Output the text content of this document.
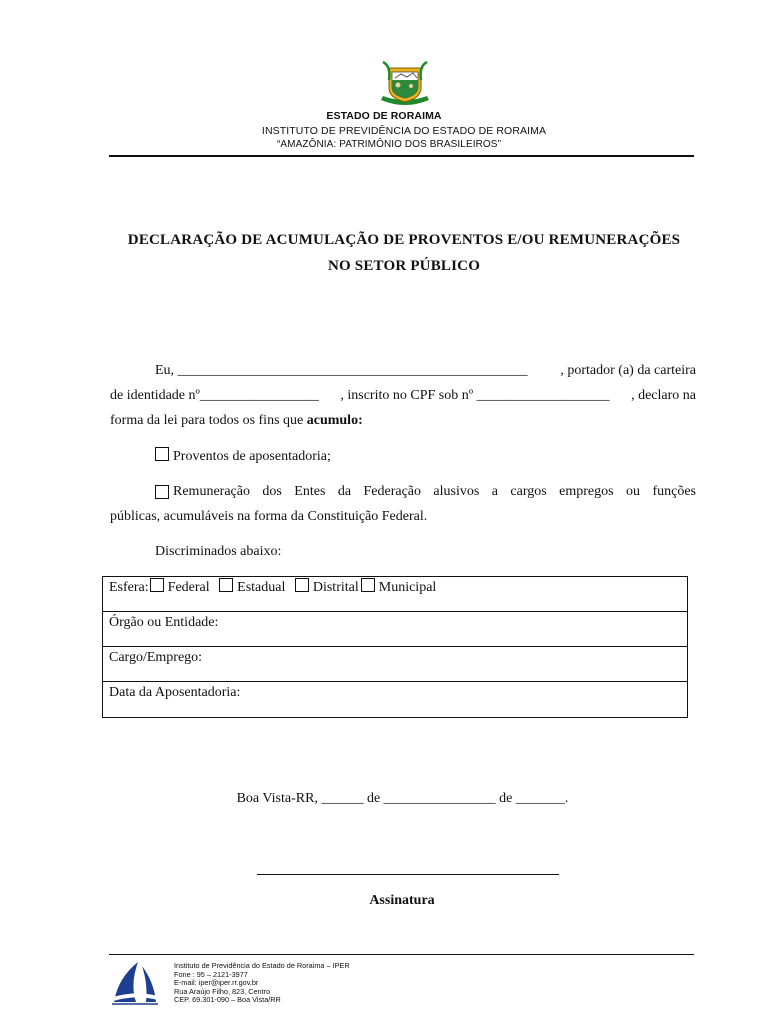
ESTADO DE RORAIMA
INSTITUTO DE PREVIDÊNCIA DO ESTADO DE RORAIMA
“AMAZÔNIA: PATRIMÔNIO DOS BRASILEIROS”
DECLARAÇÃO DE ACUMULAÇÃO DE PROVENTOS E/OU REMUNERAÇÕES
NO SETOR PÚBLICO
Eu, __________________________________________________ , portador (a) da carteira
de identidade nº_________________ , inscrito no CPF sob nº ___________________ , declaro na
forma da lei para todos os fins que acumulo:
Proventos de aposentadoria;
Remuneração dos Entes da Federação alusivos a cargos empregos ou funções
públicas, acumuláveis na forma da Constituição Federal.
Discriminados abaixo:
Esfera: Federal Estadual Distrital Municipal
Órgão ou Entidade:
Cargo/Emprego:
Data da Aposentadoria:
Boa Vista-RR, ______ de ________________ de _______.
Assinatura
Instituto de Previdência do Estado de Roraima – IPER
Fone : 95 – 2121-3977
E-mail: iper@iper.rr.gov.br
Rua Araújo Filho, 823, Centro
CEP. 69.301-090 – Boa Vista/RR
